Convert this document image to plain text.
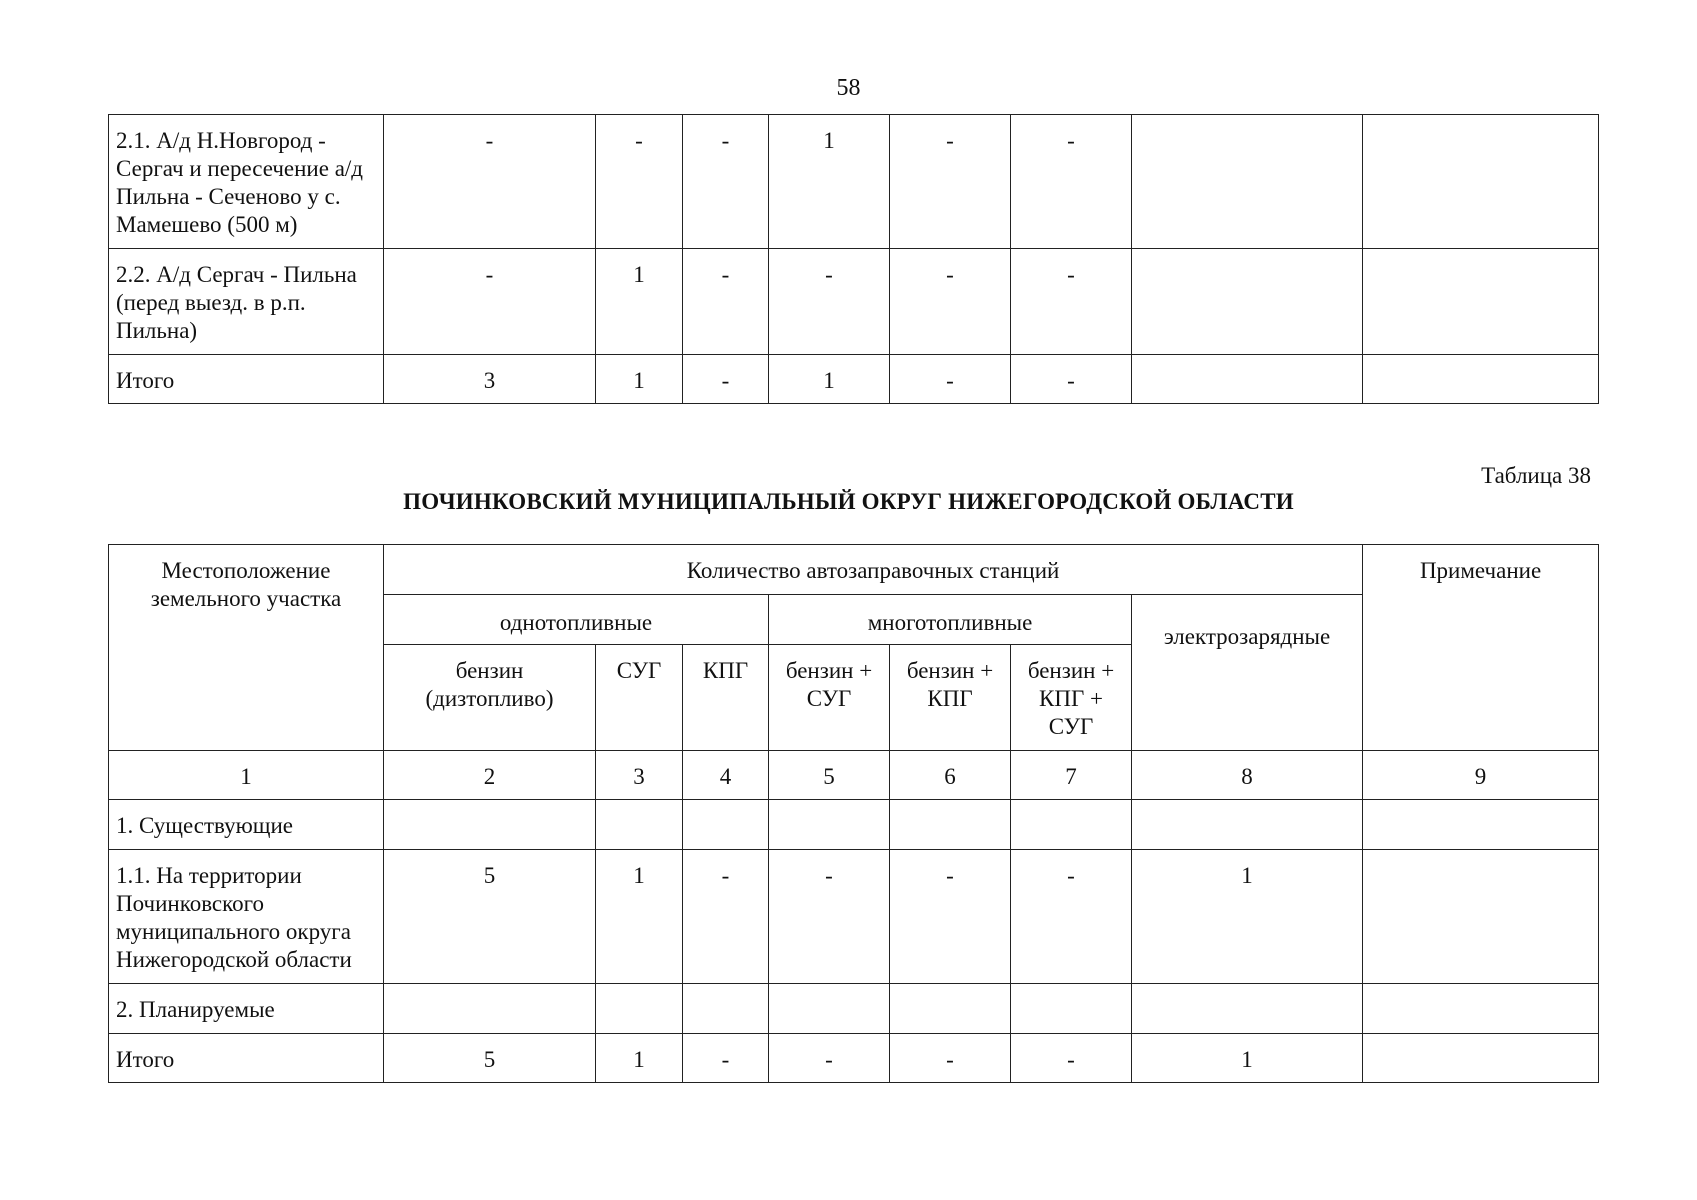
58
2.1. А/д Н.Новгород - Сергач и пересечение а/д Пильна - Сеченово у с. Мамешево (500 м)	-	-	-	1	-	-		
2.2. А/д Сергач - Пильна (перед выезд. в р.п. Пильна)	-	1	-	-	-	-		
Итого	3	1	-	1	-	-		
Таблица 38
ПОЧИНКОВСКИЙ МУНИЦИПАЛЬНЫЙ ОКРУГ НИЖЕГОРОДСКОЙ ОБЛАСТИ
Местоположение земельного участка	Количество автозаправочных станций							Примечание
	однотопливные			многотопливные			электрозарядные	
	бензин (дизтопливо)	СУГ	КПГ	бензин + СУГ	бензин + КПГ	бензин + КПГ + СУГ		
1	2	3	4	5	6	7	8	9
1. Существующие								
1.1. На территории Починковского муниципального округа Нижегородской области	5	1	-	-	-	-	1	
2. Планируемые								
Итого	5	1	-	-	-	-	1	
